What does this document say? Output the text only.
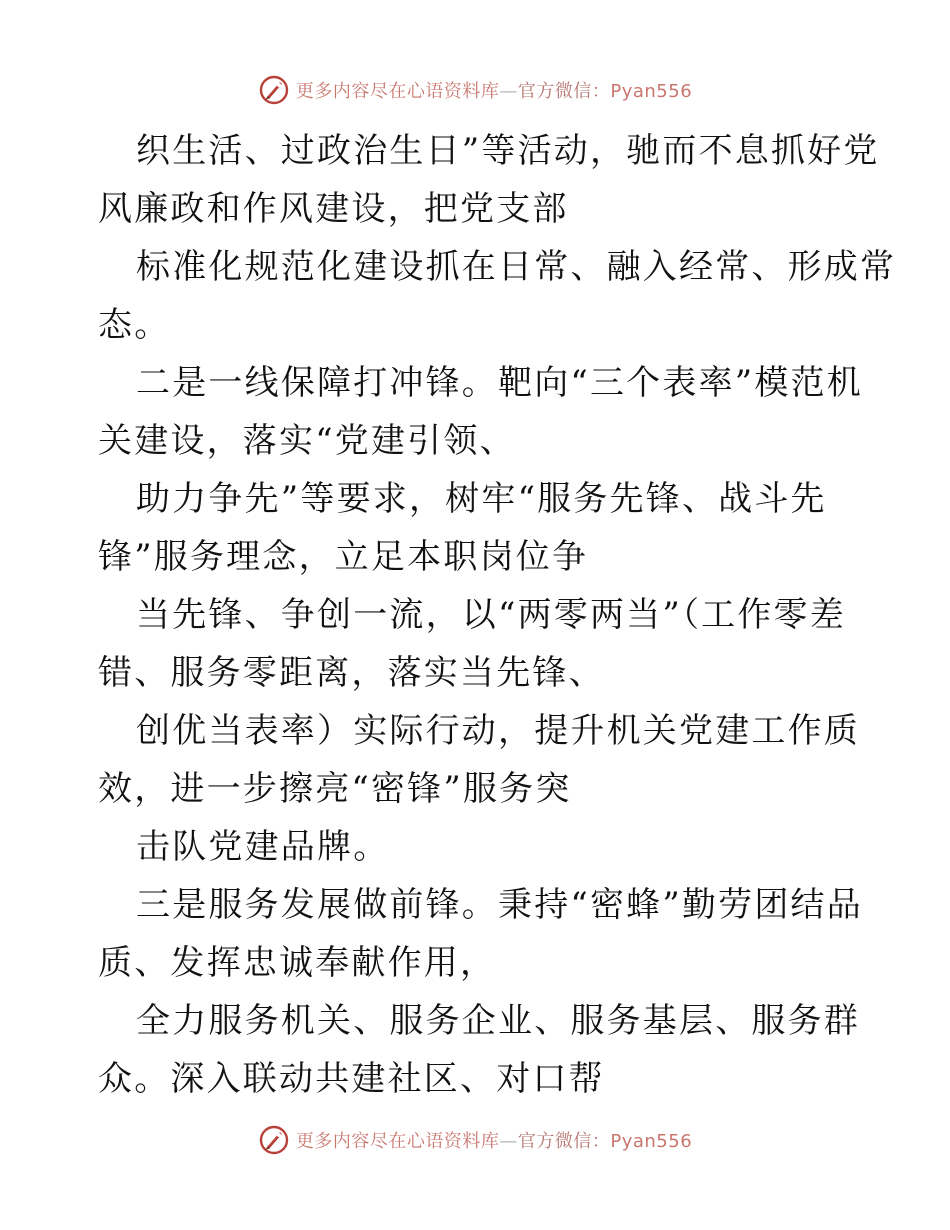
更多内容尽在心语资料库—官方微信：Pyan556
织生活、过政治生日”等活动，驰而不息抓好党
风廉政和作风建设，把党支部
标准化规范化建设抓在日常、融入经常、形成常
态。
二是一线保障打冲锋。靶向“三个表率”模范机
关建设，落实“党建引领、
助力争先”等要求，树牢“服务先锋、战斗先
锋”服务理念，立足本职岗位争
当先锋、争创一流，以“两零两当”（工作零差
错、服务零距离，落实当先锋、
创优当表率）实际行动，提升机关党建工作质
效，进一步擦亮“密锋”服务突
击队党建品牌。
三是服务发展做前锋。秉持“密蜂”勤劳团结品
质、发挥忠诚奉献作用，
全力服务机关、服务企业、服务基层、服务群
众。深入联动共建社区、对口帮
更多内容尽在心语资料库—官方微信：Pyan556
